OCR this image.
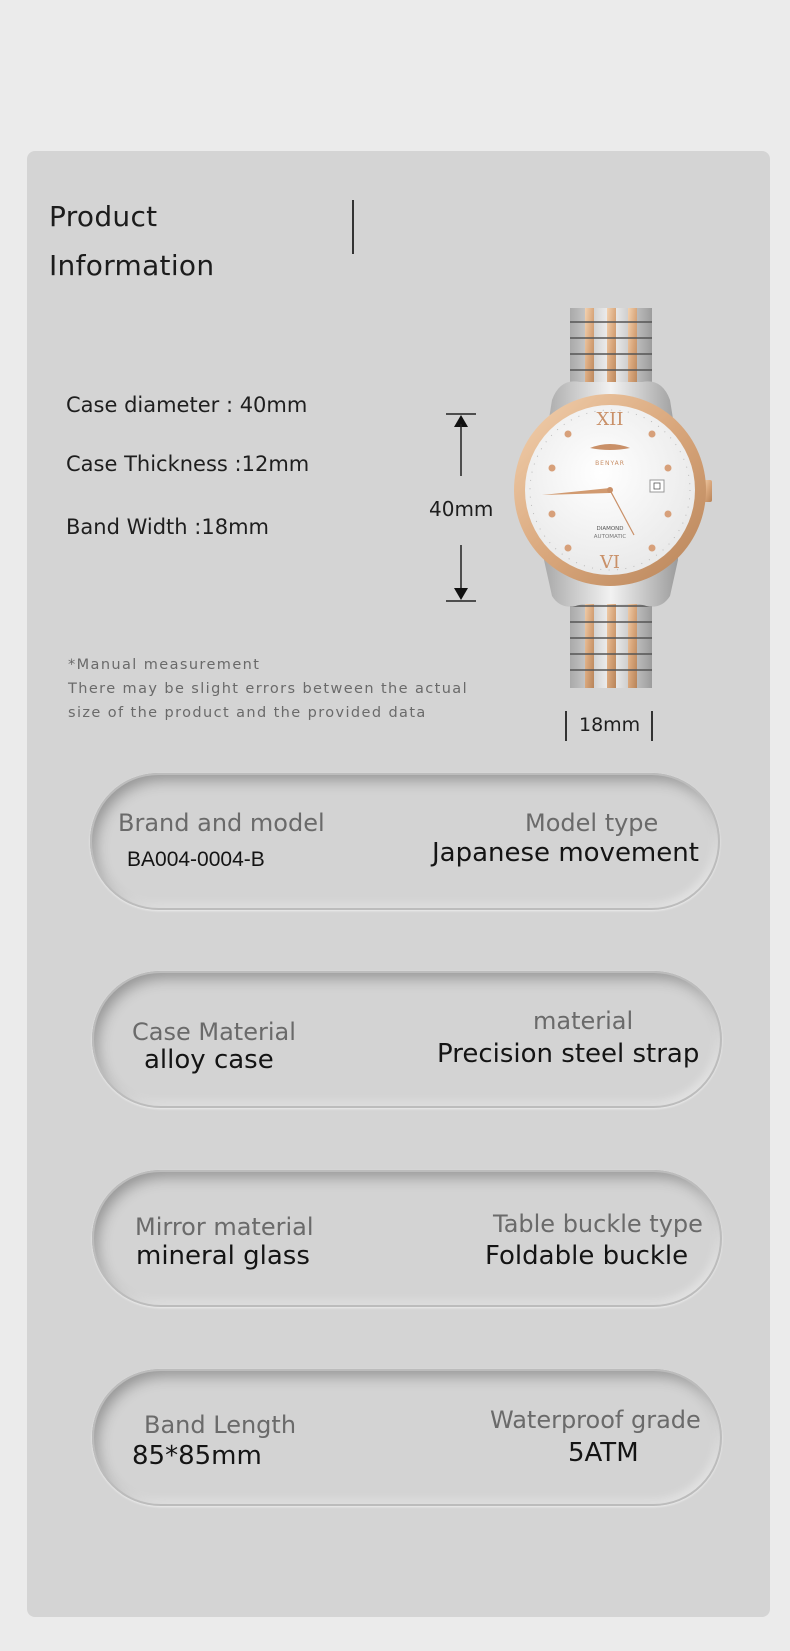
Product
Information
Case diameter : 40mm
Case Thickness :12mm
Band Width :18mm
40mm
18mm
*Manual measurement
There may be slight errors between the actual
size of the product and the provided data
XII
VI
BENYAR
DIAMOND
AUTOMATIC
Brand and model
BA004-0004-B
Model type
Japanese movement
Case Material
alloy case
material
Precision steel strap
Mirror material
mineral glass
Table buckle type
Foldable buckle
Band Length
85*85mm
Waterproof grade
5ATM
